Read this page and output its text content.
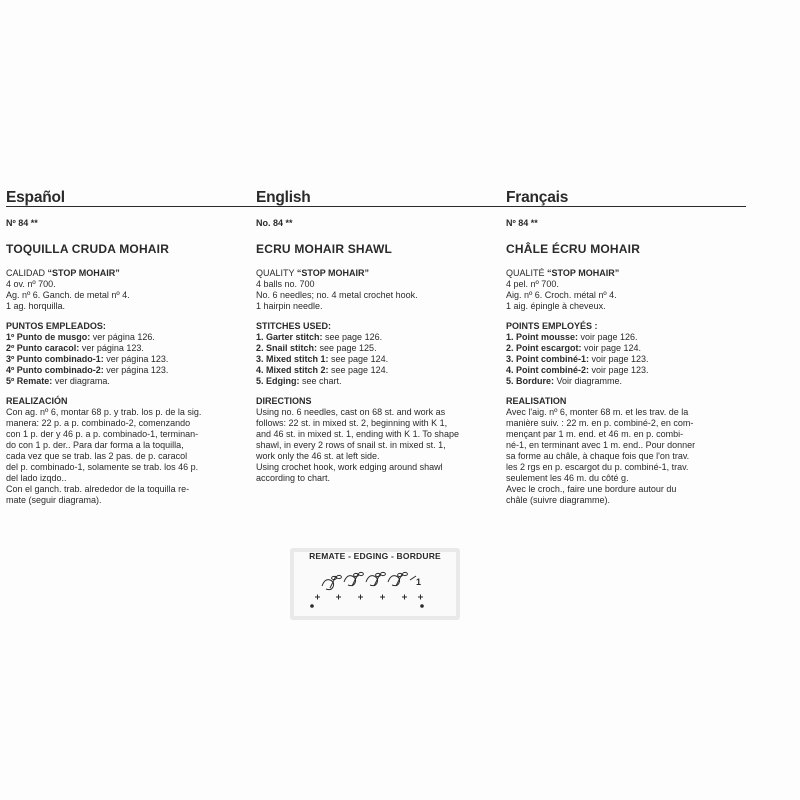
Español
Nº 84 **
TOQUILLA CRUDA MOHAIR
CALIDAD “STOP MOHAIR”
4 ov. nº 700.
Ag. nº 6. Ganch. de metal nº 4.
1 ag. horquilla.
PUNTOS EMPLEADOS:
1º Punto de musgo: ver página 126.
2º Punto caracol: ver página 123.
3º Punto combinado-1: ver página 123.
4º Punto combinado-2: ver página 123.
5º Remate: ver diagrama.
REALIZACIÓN
Con ag. nº 6, montar 68 p. y trab. los p. de la sig.
manera: 22 p. a p. combinado-2, comenzando
con 1 p. der y 46 p. a p. combinado-1, terminan-
do con 1 p. der.. Para dar forma a la toquilla,
cada vez que se trab. las 2 pas. de p. caracol
del p. combinado-1, solamente se trab. los 46 p.
del lado izqdo..
Con el ganch. trab. alrededor de la toquilla re-
mate (seguir diagrama).
English
No. 84 **
ECRU MOHAIR SHAWL
QUALITY “STOP MOHAIR”
4 balls no. 700
No. 6 needles; no. 4 metal crochet hook.
1 hairpin needle.
STITCHES USED:
1. Garter stitch: see page 126.
2. Snail stitch: see page 125.
3. Mixed stitch 1: see page 124.
4. Mixed stitch 2: see page 124.
5. Edging: see chart.
DIRECTIONS
Using no. 6 needles, cast on 68 st. and work as
follows: 22 st. in mixed st. 2, beginning with K 1,
and 46 st. in mixed st. 1, ending with K 1. To shape
shawl, in every 2 rows of snail st. in mixed st. 1,
work only the 46 st. at left side.
Using crochet hook, work edging around shawl
according to chart.
Français
Nº 84 **
CHÂLE ÉCRU MOHAIR
QUALITÉ “STOP MOHAIR”
4 pel. nº 700.
Aig. nº 6. Croch. métal nº 4.
1 aig. épingle à cheveux.
POINTS EMPLOYÉS :
1. Point mousse: voir page 126.
2. Point escargot: voir page 124.
3. Point combiné-1: voir page 123.
4. Point combiné-2: voir page 123.
5. Bordure: Voir diagramme.
REALISATION
Avec l'aig. nº 6, monter 68 m. et les trav. de la
manière suiv. : 22 m. en p. combiné-2, en com-
mençant par 1 m. end. et 46 m. en p. combi-
né-1, en terminant avec 1 m. end.. Pour donner
sa forme au châle, à chaque fois que l'on trav.
les 2 rgs en p. escargot du p. combiné-1, trav.
seulement les 46 m. du côté g.
Avec le croch., faire une bordure autour du
châle (suivre diagramme).
REMATE - EDGING - BORDURE
1
